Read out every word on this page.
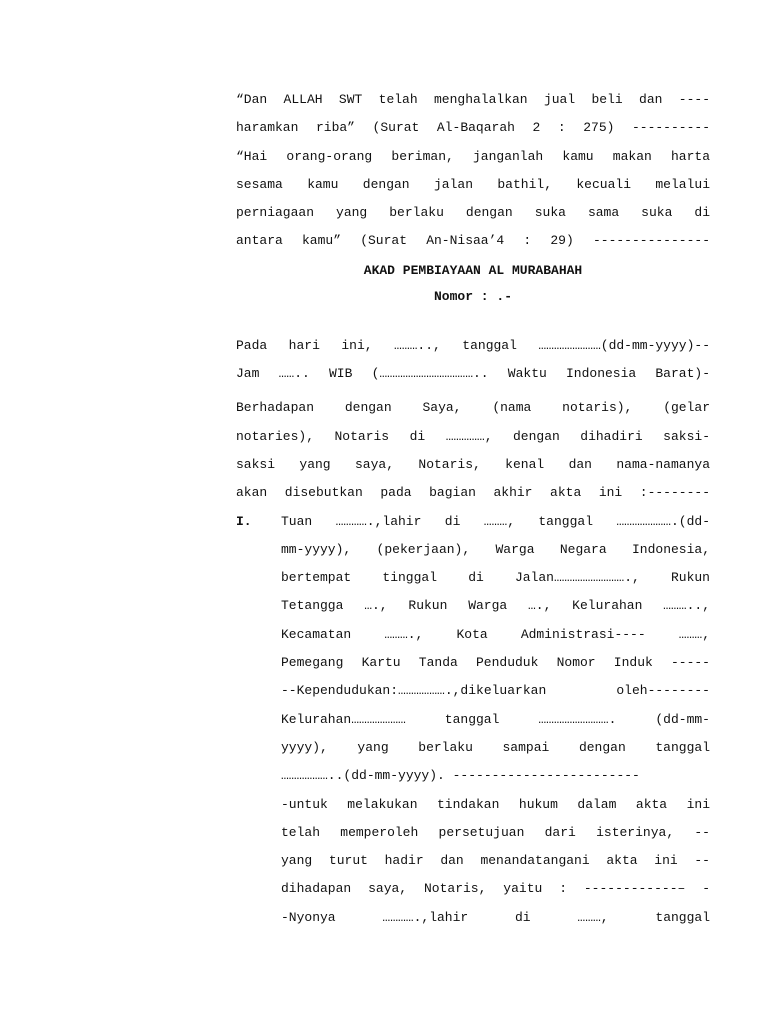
“Dan ALLAH SWT telah menghalalkan jual beli dan ----
haramkan riba” (Surat Al-Baqarah 2 : 275) ----------
“Hai orang-orang beriman, janganlah kamu makan harta
sesama kamu dengan jalan bathil, kecuali melalui
perniagaan yang berlaku dengan suka sama suka di
antara kamu” (Surat An-Nisaa’4 : 29) ---------------
AKAD PEMBIAYAAN AL MURABAHAH
Nomor : .-
Pada hari ini, ……….., tanggal ……………………(dd-mm-yyyy)--
Jam …….. WIB (……………………………….. Waktu Indonesia Barat)-
Berhadapan dengan Saya, (nama notaris), (gelar
notaries), Notaris di ……………, dengan dihadiri saksi-
saksi yang saya, Notaris, kenal dan nama-namanya
akan disebutkan pada bagian akhir akta ini :--------
I. Tuan ………….,lahir di ………, tanggal ………………….(dd-
mm-yyyy), (pekerjaan), Warga Negara Indonesia,
bertempat tinggal di Jalan………………………., Rukun
Tetangga …., Rukun Warga …., Kelurahan ………..,
Kecamatan ………., Kota Administrasi---- ………,
Pemegang Kartu Tanda Penduduk Nomor Induk -----
--Kependudukan:……………….,dikeluarkan oleh--------
Kelurahan………………… tanggal ………………………. (dd-mm-
yyyy), yang berlaku sampai dengan tanggal
………………..(dd-mm-yyyy). ------------------------
-untuk melakukan tindakan hukum dalam akta ini
telah memperoleh persetujuan dari isterinya, --
yang turut hadir dan menandatangani akta ini --
dihadapan saya, Notaris, yaitu : ------------– -
-Nyonya ………….,lahir di ………, tanggal
